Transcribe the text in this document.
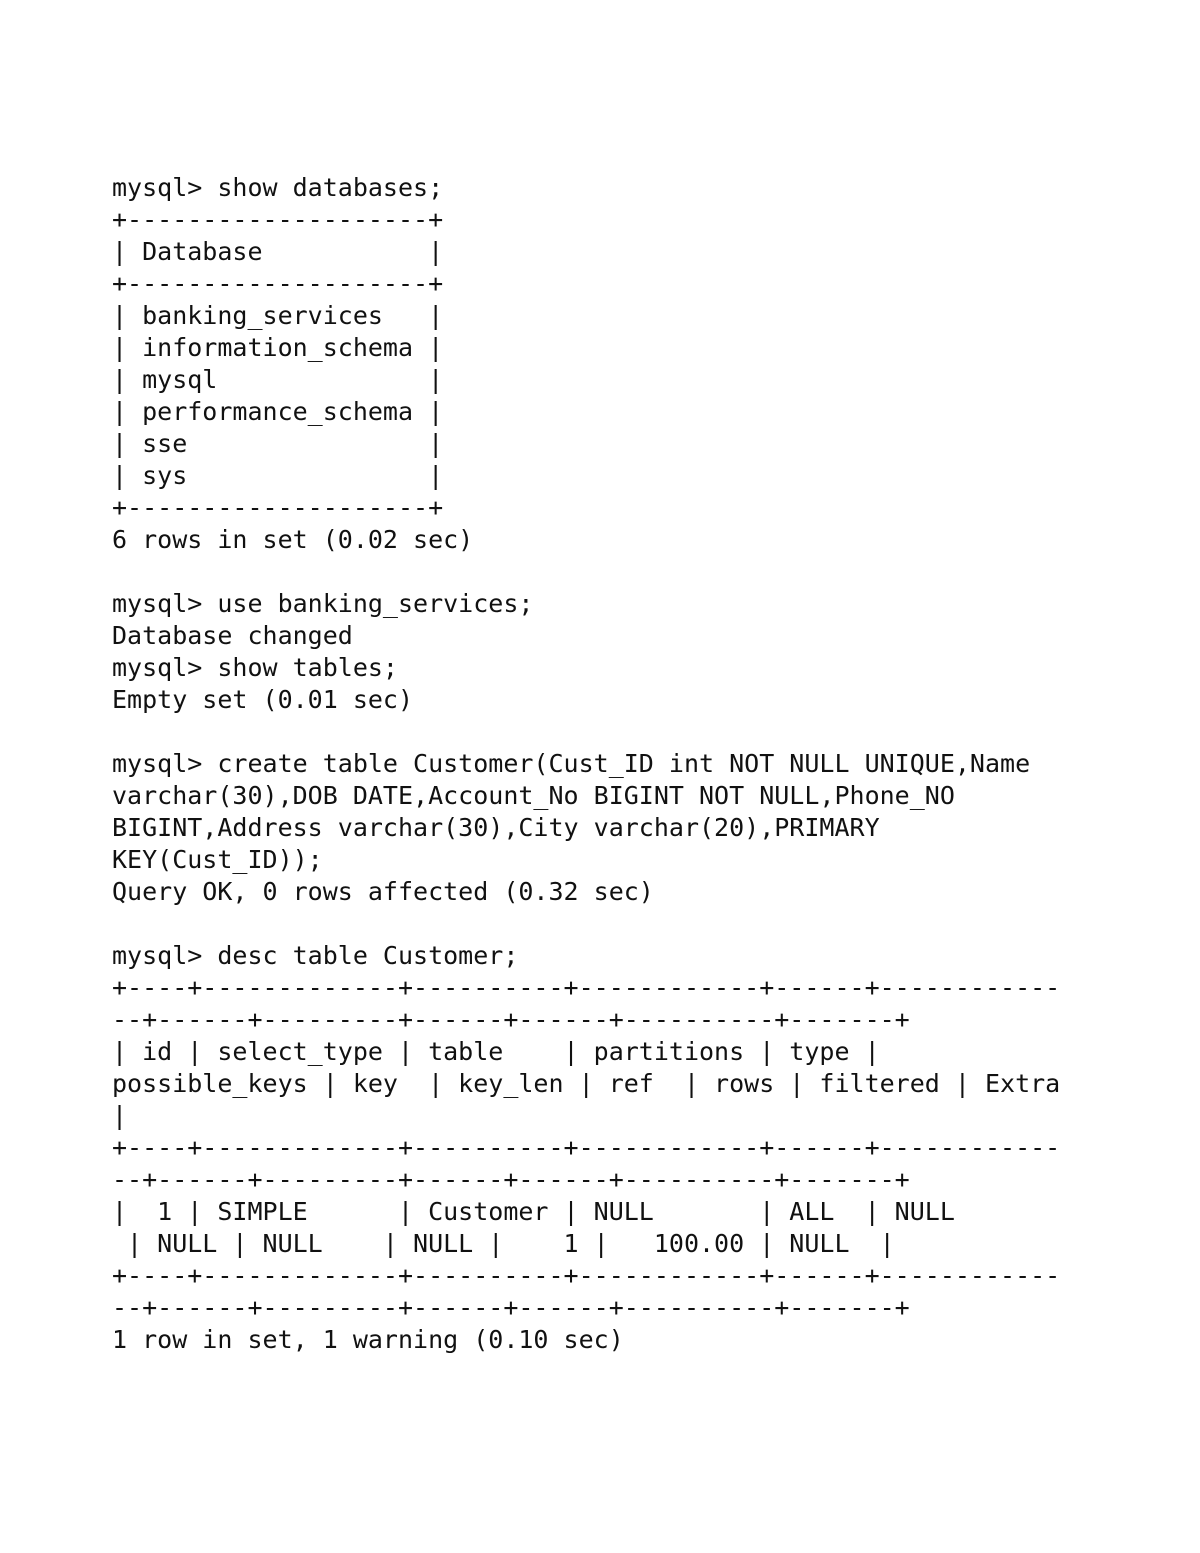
mysql> show databases;
+--------------------+
| Database           |
+--------------------+
| banking_services   |
| information_schema |
| mysql              |
| performance_schema |
| sse                |
| sys                |
+--------------------+
6 rows in set (0.02 sec)
mysql> use banking_services;
Database changed
mysql> show tables;
Empty set (0.01 sec)
mysql> create table Customer(Cust_ID int NOT NULL UNIQUE,Name
varchar(30),DOB DATE,Account_No BIGINT NOT NULL,Phone_NO
BIGINT,Address varchar(30),City varchar(20),PRIMARY
KEY(Cust_ID));
Query OK, 0 rows affected (0.32 sec)
mysql> desc table Customer;
+----+-------------+----------+------------+------+------------
--+------+---------+------+------+----------+-------+
| id | select_type | table    | partitions | type |
possible_keys | key  | key_len | ref  | rows | filtered | Extra
|
+----+-------------+----------+------------+------+------------
--+------+---------+------+------+----------+-------+
|  1 | SIMPLE      | Customer | NULL       | ALL  | NULL
| NULL | NULL    | NULL |    1 |   100.00 | NULL  |
+----+-------------+----------+------------+------+------------
--+------+---------+------+------+----------+-------+
1 row in set, 1 warning (0.10 sec)
